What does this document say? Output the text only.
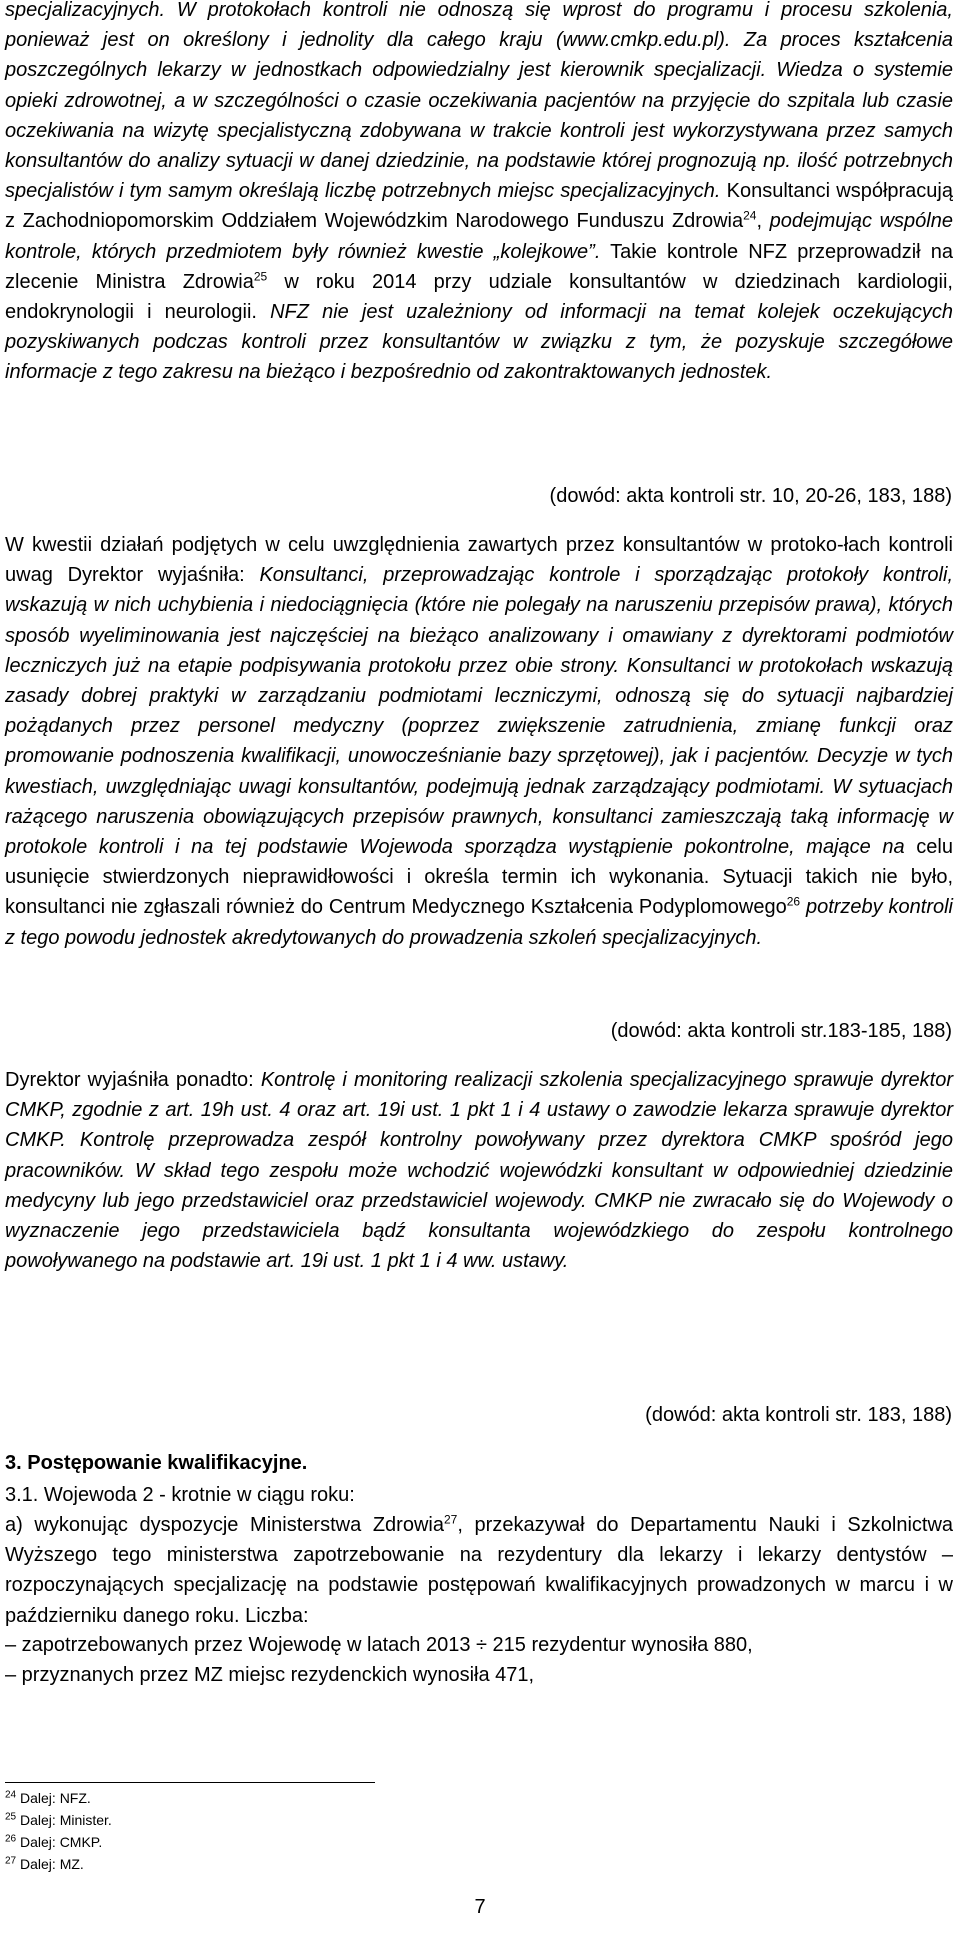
specjalizacyjnych. W protokołach kontroli nie odnoszą się wprost do programu i procesu szkolenia, ponieważ jest on określony i jednolity dla całego kraju (www.cmkp.edu.pl). Za proces kształcenia poszczególnych lekarzy w jednostkach odpowiedzialny jest kierownik specjalizacji. Wiedza o systemie opieki zdrowotnej, a w szczególności o czasie oczekiwania pacjentów na przyjęcie do szpitala lub czasie oczekiwania na wizytę specjalistyczną zdobywana w trakcie kontroli jest wykorzystywana przez samych konsultantów do analizy sytuacji w danej dziedzinie, na podstawie której prognozują np. ilość potrzebnych specjalistów i tym samym określają liczbę potrzebnych miejsc specjalizacyjnych. Konsultanci współpracują z Zachodniopomorskim Oddziałem Wojewódzkim Narodowego Funduszu Zdrowia$^{24}$, podejmując wspólne kontrole, których przedmiotem były również kwestie „kolejkowe”. Takie kontrole NFZ przeprowadził na zlecenie Ministra Zdrowia$^{25}$ w roku 2014 przy udziale konsultantów w dziedzinach kardiologii, endokrynologii i neurologii. NFZ nie jest uzależniony od informacji na temat kolejek oczekujących pozyskiwanych podczas kontroli przez konsultantów w związku z tym, że pozyskuje szczegółowe informacje z tego zakresu na bieżąco i bezpośrednio od zakontraktowanych jednostek.

(dowód: akta kontroli str. 10, 20-26, 183, 188)

W kwestii działań podjętych w celu uwzględnienia zawartych przez konsultantów w protoko-łach kontroli uwag Dyrektor wyjaśniła: Konsultanci, przeprowadzając kontrole i sporządzając protokoły kontroli, wskazują w nich uchybienia i niedociągnięcia (które nie polegały na naruszeniu przepisów prawa), których sposób wyeliminowania jest najczęściej na bieżąco analizowany i omawiany z dyrektorami podmiotów leczniczych już na etapie podpisywania protokołu przez obie strony. Konsultanci w protokołach wskazują zasady dobrej praktyki w zarządzaniu podmiotami leczniczymi, odnoszą się do sytuacji najbardziej pożądanych przez personel medyczny (poprzez zwiększenie zatrudnienia, zmianę funkcji oraz promowanie podnoszenia kwalifikacji, unowocześnianie bazy sprzętowej), jak i pacjentów. Decyzje w tych kwestiach, uwzględniając uwagi konsultantów, podejmują jednak zarządzający podmiotami. W sytuacjach rażącego naruszenia obowiązujących przepisów prawnych, konsultanci zamieszczają taką informację w protokole kontroli i na tej podstawie Wojewoda sporządza wystąpienie pokontrolne, mające na celu usunięcie stwierdzonych nieprawidłowości i określa termin ich wykonania. Sytuacji takich nie było, konsultanci nie zgłaszali również do Centrum Medycznego Kształcenia Podyplomowego$^{26}$ potrzeby kontroli z tego powodu jednostek akredytowanych do prowadzenia szkoleń specjalizacyjnych.

(dowód: akta kontroli str.183-185, 188)

Dyrektor wyjaśniła ponadto: Kontrolę i monitoring realizacji szkolenia specjalizacyjnego sprawuje dyrektor CMKP, zgodnie z art. 19h ust. 4 oraz art. 19i ust. 1 pkt 1 i 4 ustawy o zawodzie lekarza sprawuje dyrektor CMKP. Kontrolę przeprowadza zespół kontrolny powoływany przez dyrektora CMKP spośród jego pracowników. W skład tego zespołu może wchodzić wojewódzki konsultant w odpowiedniej dziedzinie medycyny lub jego przedstawiciel oraz przedstawiciel wojewody. CMKP nie zwracało się do Wojewody o wyznaczenie jego przedstawiciela bądź konsultanta wojewódzkiego do zespołu kontrolnego powoływanego na podstawie art. 19i ust. 1 pkt 1 i 4 ww. ustawy.

(dowód: akta kontroli str. 183, 188)

3. Postępowanie kwalifikacyjne.

3.1. Wojewoda 2 - krotnie w ciągu roku:

a) wykonując dyspozycje Ministerstwa Zdrowia$^{27}$, przekazywał do Departamentu Nauki i Szkolnictwa Wyższego tego ministerstwa zapotrzebowanie na rezydentury dla lekarzy i lekarzy dentystów – rozpoczynających specjalizację na podstawie postępowań kwalifikacyjnych prowadzonych w marcu i w październiku danego roku. Liczba:

– zapotrzebowanych przez Wojewodę w latach 2013 ÷ 215 rezydentur wynosiła 880,

– przyznanych przez MZ miejsc rezydenckich wynosiła 471,

$^{24}$ Dalej: NFZ.

$^{25}$ Dalej: Minister.

$^{26}$ Dalej: CMKP.

$^{27}$ Dalej: MZ.

7
